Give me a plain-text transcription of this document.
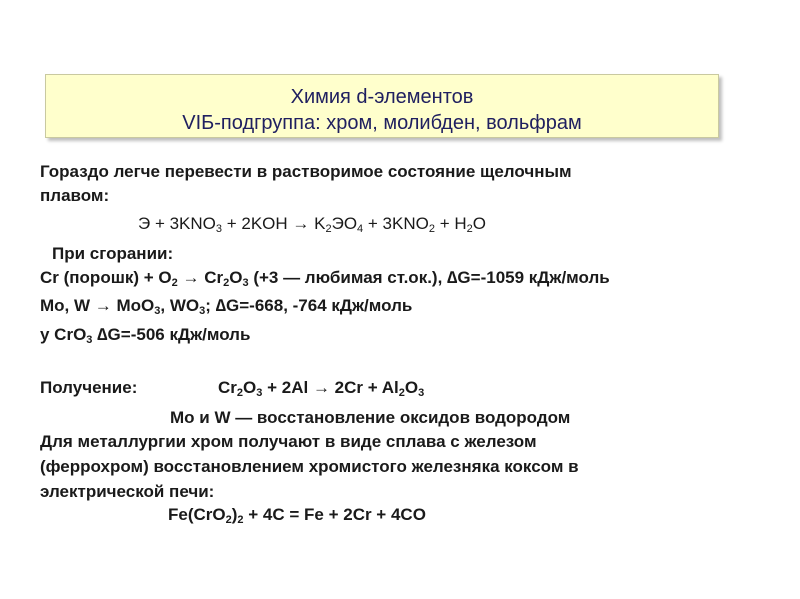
Химия d-элементов
VIБ-подгруппа: хром, молибден, вольфрам
Гораздо легче перевести в растворимое состояние щелочным
плавом:
$Э + 3KNO_3 + 2KOH \to K_2ЭО_4 + 3KNO_2 + H_2O$
При сгорании:
Cr (порошк) + $O_2 \to Cr_2O_3$ (+3 — любимая ст.ок.), ∆G=-1059 кДж/моль
Mo, W → MoO$_3$, $WO_3$; ∆G=-668, -764 кДж/моль
у CrO$_3$ ∆G=-506 кДж/моль
Получение:	$Cr_2O_3 + 2Al \to 2Cr + Al_2O_3$
Mo и W — восстановление оксидов водородом
Для металлургии хром получают в виде сплава с железом
(феррохром) восстановлением хромистого железняка коксом в
электрической печи:
$Fe(CrO_2)_2 + 4C = Fe + 2Cr + 4CO$
